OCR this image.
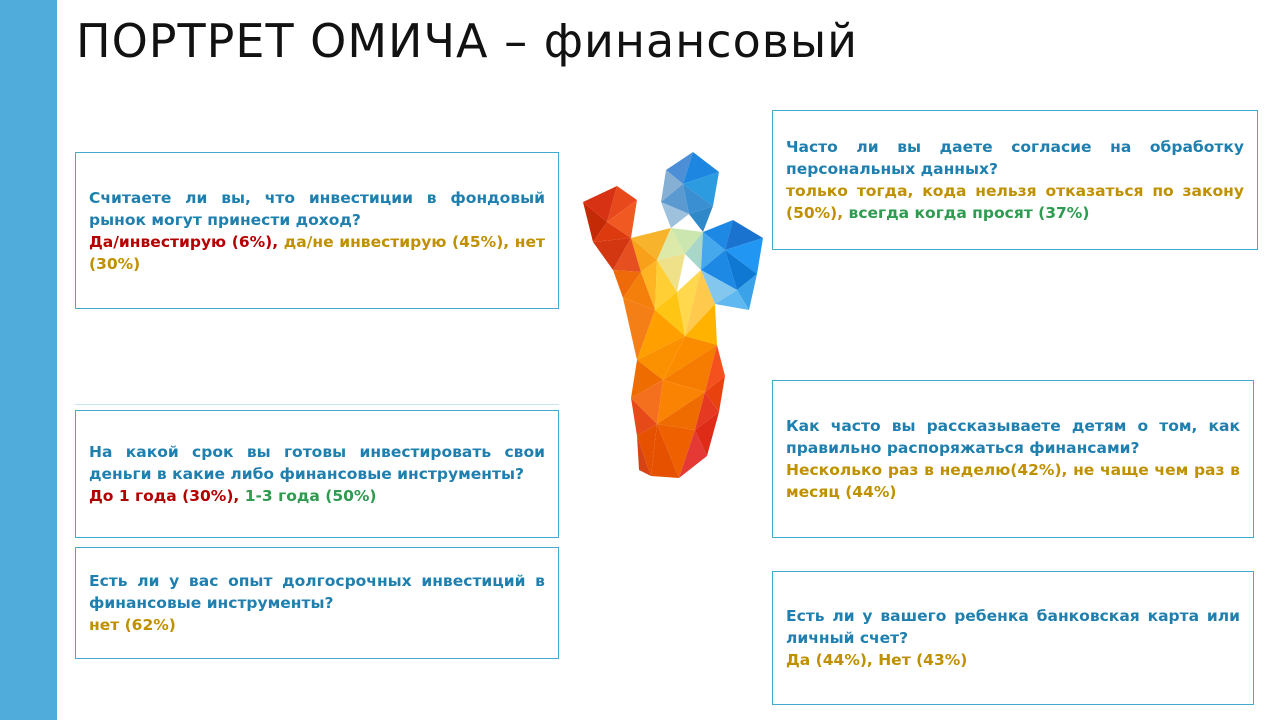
ПОРТРЕТ ОМИЧА – финансовый

Считаете ли вы, что инвестиции в фондовый рынок могут принести доход?

Да/инвестирую (6%), да/не инвестирую (45%), нет (30%)

На какой срок вы готовы инвестировать свои деньги в какие либо финансовые инструменты?

До 1 года (30%), 1-3 года (50%)

Есть ли у вас опыт долгосрочных инвестиций в финансовые инструменты?

нет (62%)

Часто ли вы даете согласие на обработку персональных данных?

только тогда, кода нельзя отказаться по закону (50%), всегда когда просят (37%)

Как часто вы рассказываете детям о том, как правильно распоряжаться финансами?

Несколько раз в неделю(42%), не чаще чем раз в месяц (44%)

Есть ли у вашего ребенка банковская карта или личный счет?

Да (44%), Нет (43%)
